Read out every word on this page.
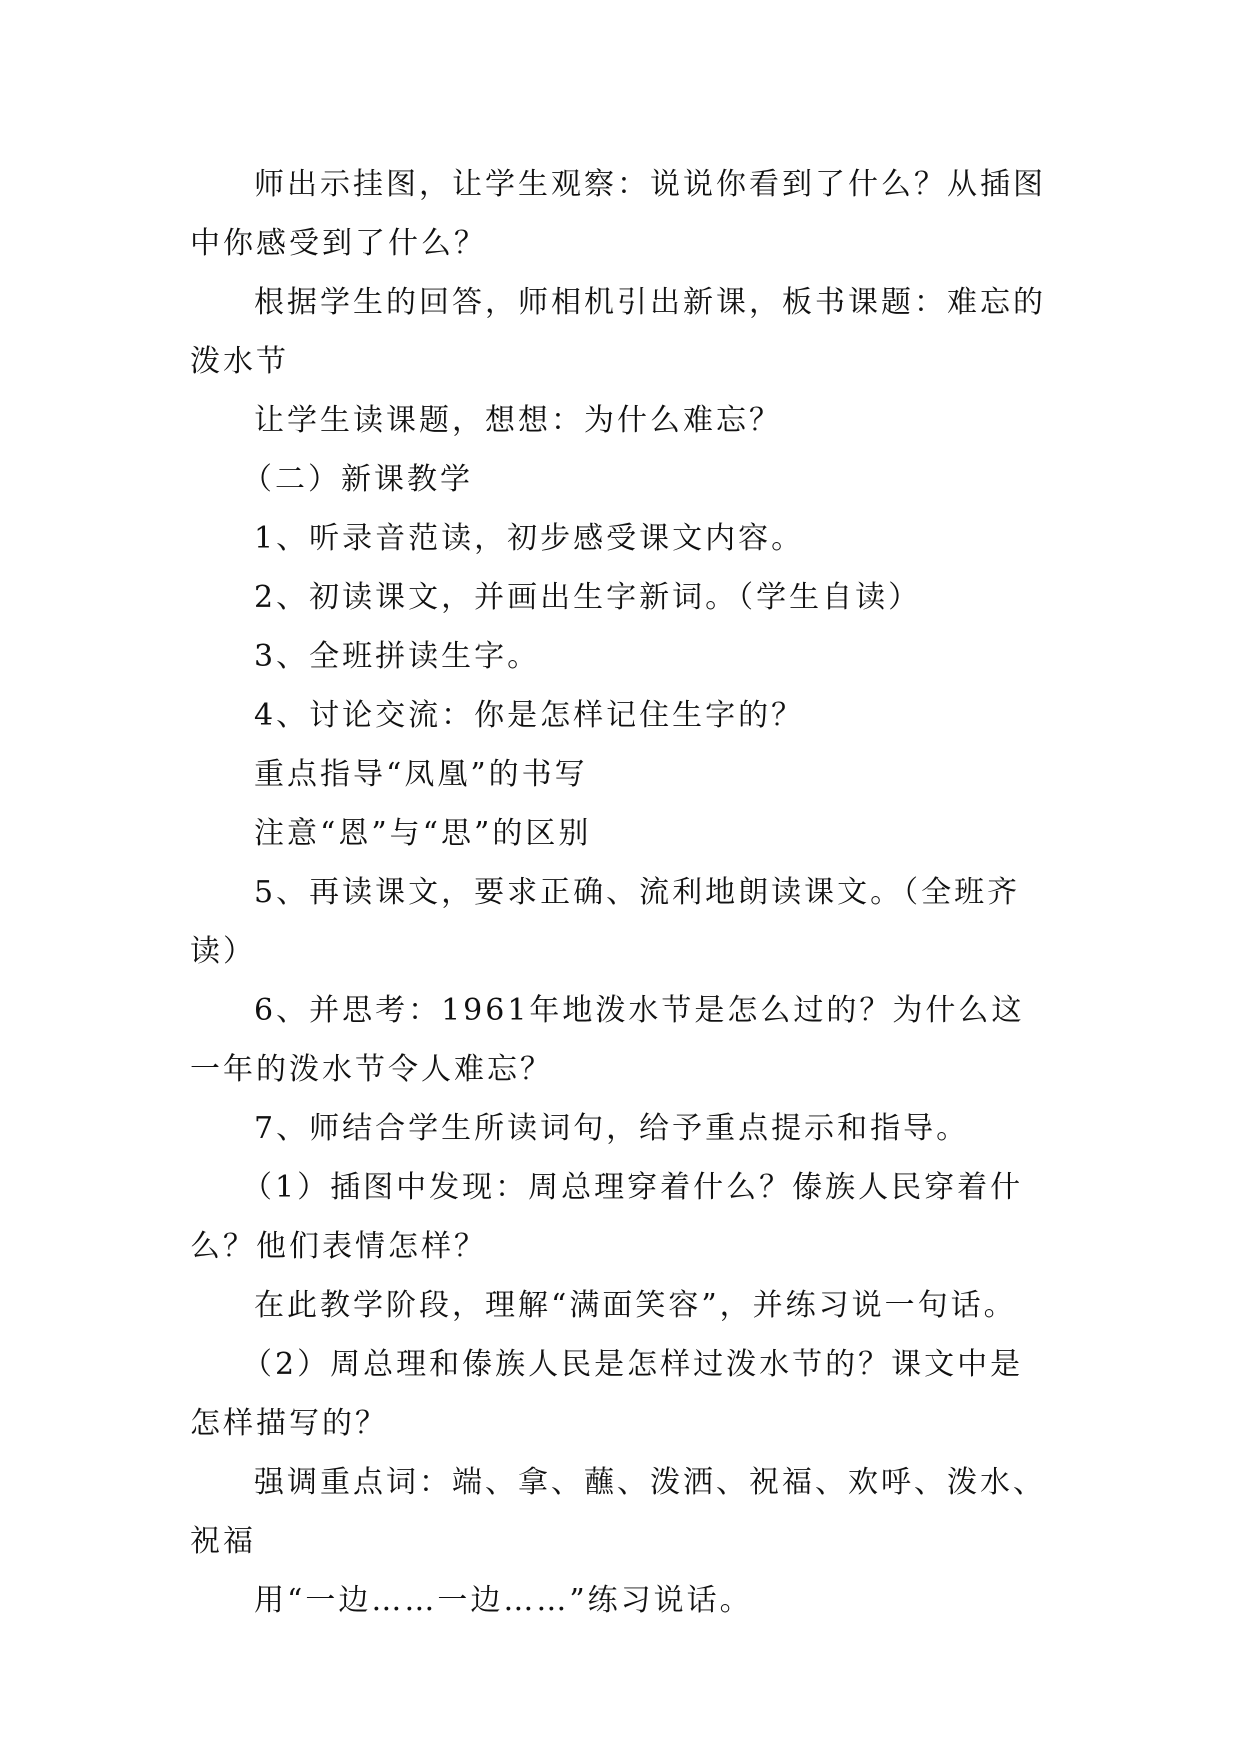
师出示挂图，让学生观察：说说你看到了什么？从插图中你感受到了什么？

根据学生的回答，师相机引出新课，板书课题：难忘的泼水节

让学生读课题，想想：为什么难忘？

（二）新课教学

1、听录音范读，初步感受课文内容。

2、初读课文，并画出生字新词。（学生自读）

3、全班拼读生字。

4、讨论交流：你是怎样记住生字的？

重点指导“凤凰”的书写

注意“恩”与“思”的区别

5、再读课文，要求正确、流利地朗读课文。（全班齐读）

6、并思考：1961年地泼水节是怎么过的？为什么这一年的泼水节令人难忘？

7、师结合学生所读词句，给予重点提示和指导。

（1）插图中发现：周总理穿着什么？傣族人民穿着什么？他们表情怎样？

在此教学阶段，理解“满面笑容”，并练习说一句话。

（2）周总理和傣族人民是怎样过泼水节的？课文中是怎样描写的？

强调重点词：端、拿、蘸、泼洒、祝福、欢呼、泼水、祝福

用“一边……一边……”练习说话。
